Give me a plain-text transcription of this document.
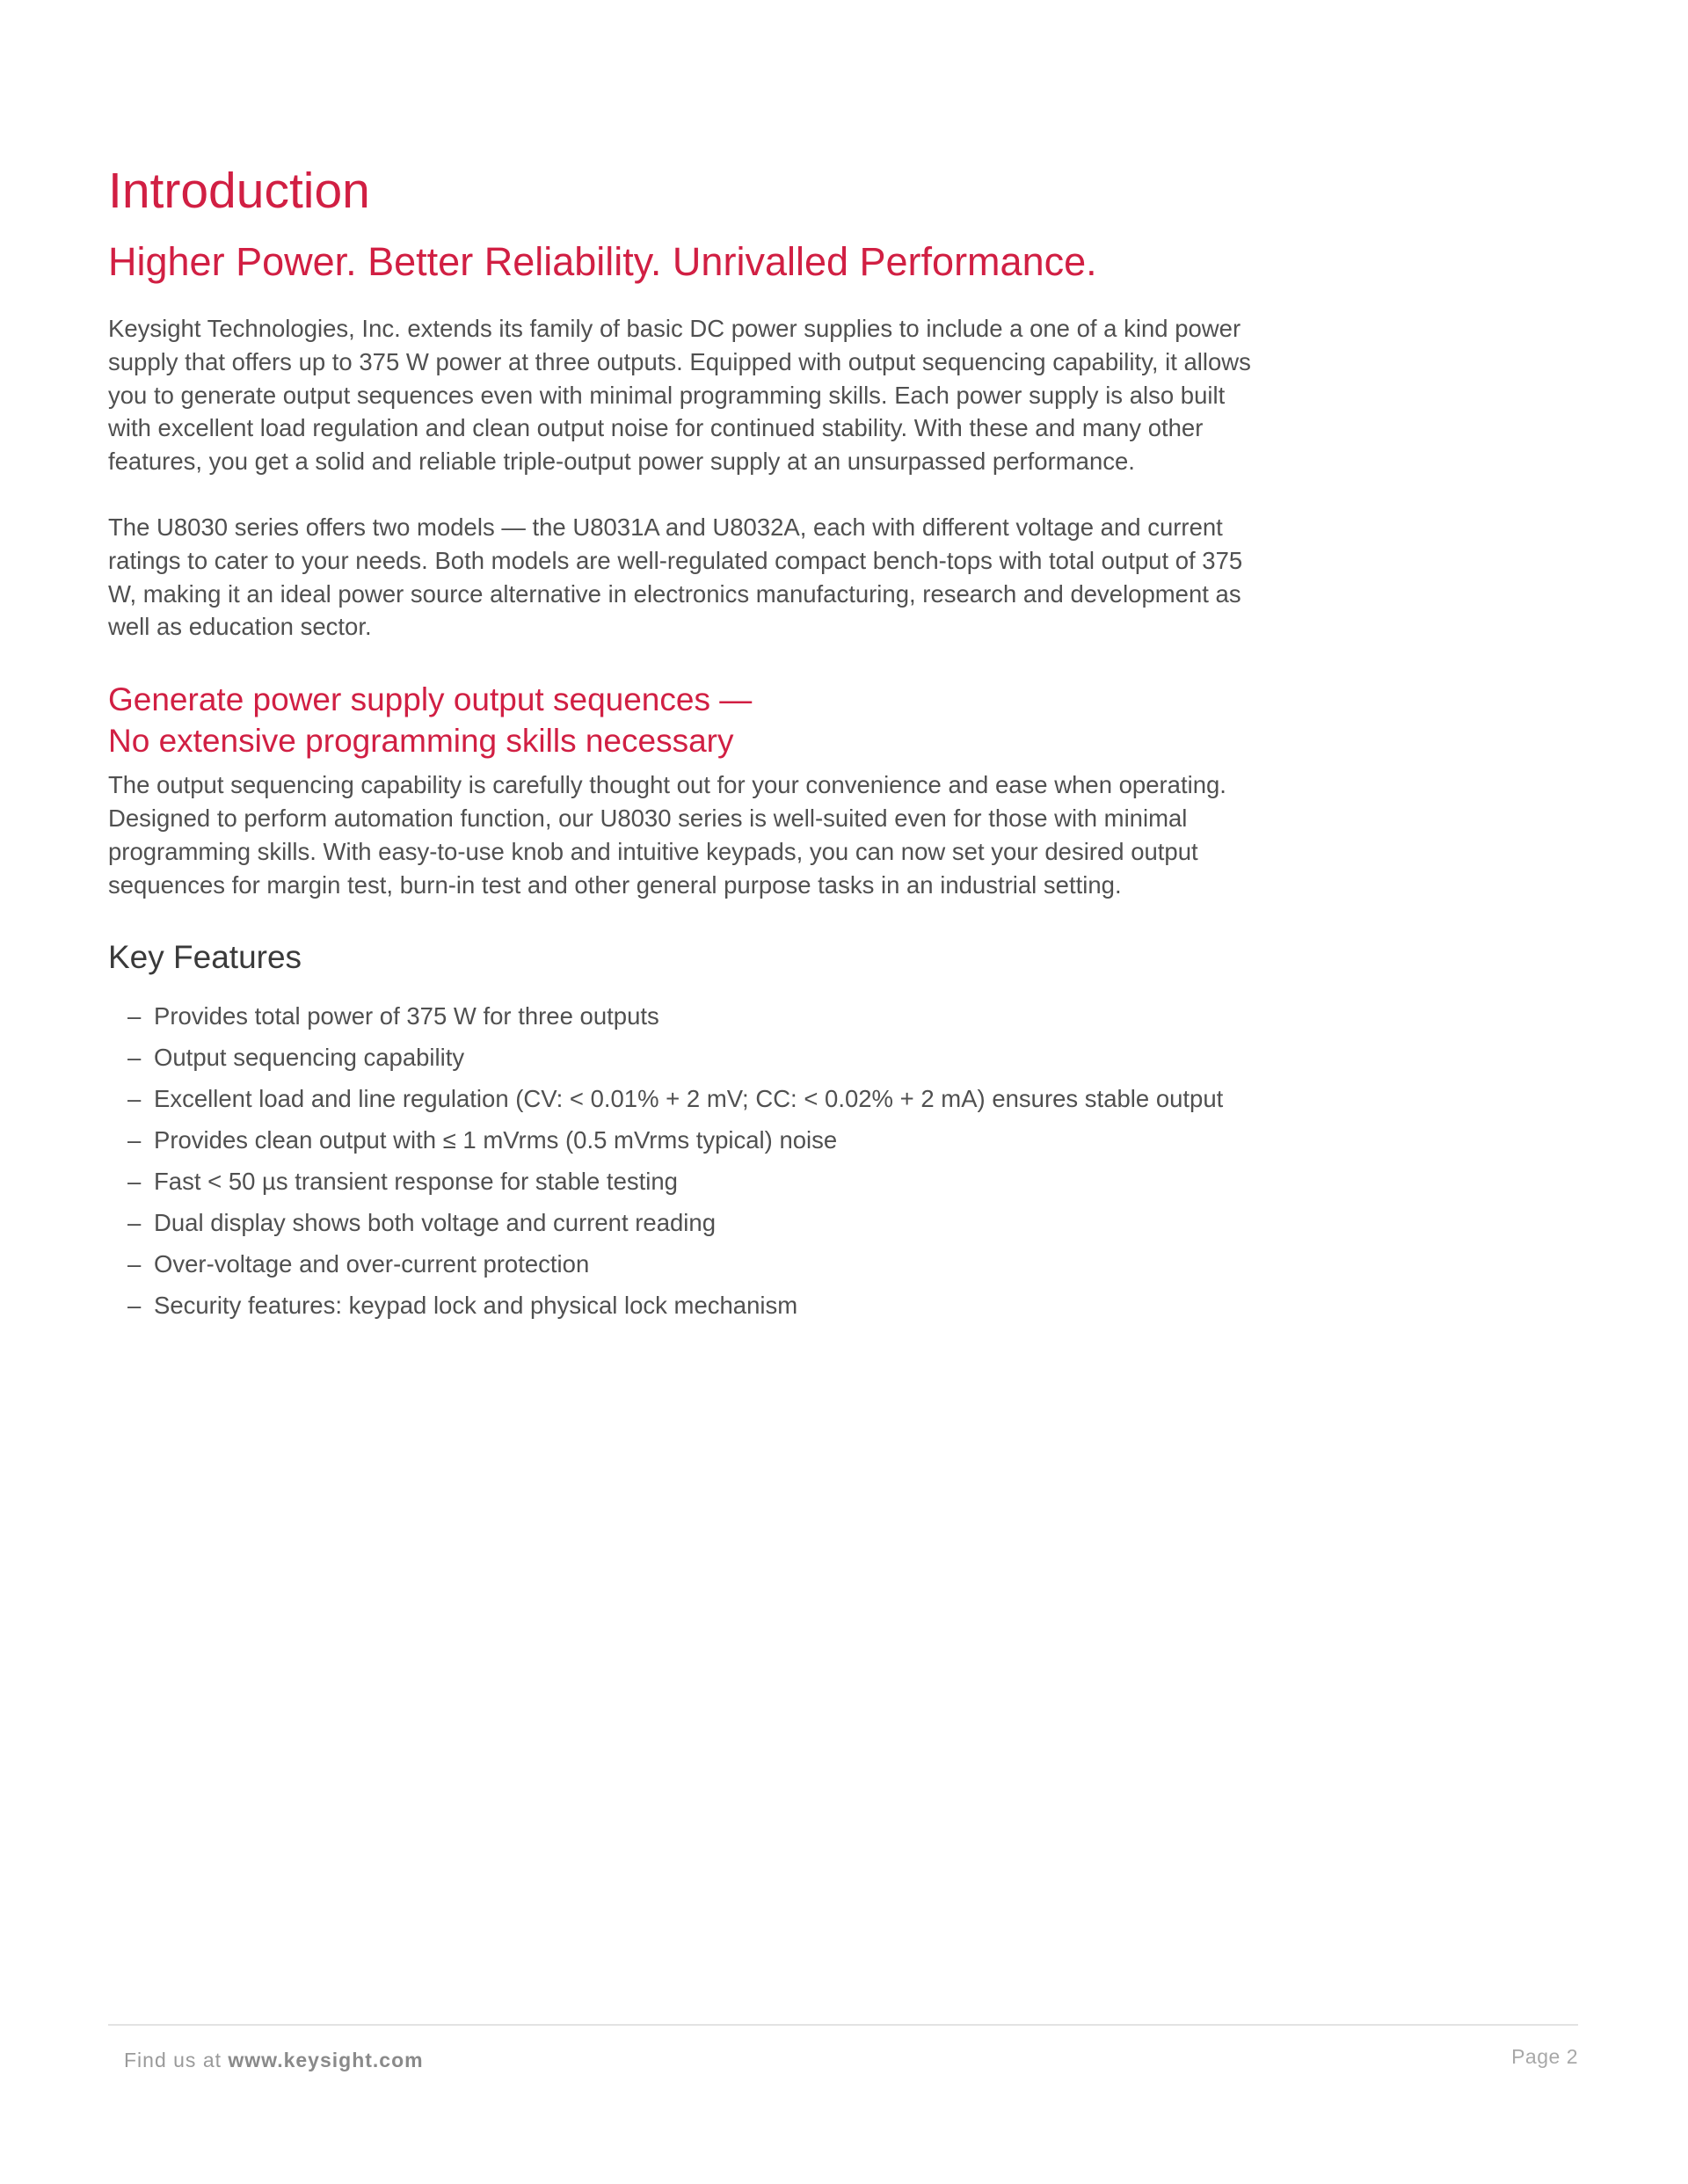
Introduction
Higher Power. Better Reliability. Unrivalled Performance.

Keysight Technologies, Inc. extends its family of basic DC power supplies to include a one of a kind power supply that offers up to 375 W power at three outputs. Equipped with output sequencing capability, it allows you to generate output sequences even with minimal programming skills. Each power supply is also built with excellent load regulation and clean output noise for continued stability. With these and many other features, you get a solid and reliable triple-output power supply at an unsurpassed performance.

The U8030 series offers two models — the U8031A and U8032A, each with different voltage and current ratings to cater to your needs. Both models are well-regulated compact bench-tops with total output of 375 W, making it an ideal power source alternative in electronics manufacturing, research and development as well as education sector.

Generate power supply output sequences —
No extensive programming skills necessary

The output sequencing capability is carefully thought out for your convenience and ease when operating. Designed to perform automation function, our U8030 series is well-suited even for those with minimal programming skills. With easy-to-use knob and intuitive keypads, you can now set your desired output sequences for margin test, burn-in test and other general purpose tasks in an industrial setting.

Key Features
– Provides total power of 375 W for three outputs
– Output sequencing capability
– Excellent load and line regulation (CV: < 0.01% + 2 mV; CC: < 0.02% + 2 mA) ensures stable output
– Provides clean output with ≤ 1 mVrms (0.5 mVrms typical) noise
– Fast < 50 µs transient response for stable testing
– Dual display shows both voltage and current reading
– Over-voltage and over-current protection
– Security features: keypad lock and physical lock mechanism
Find us at www.keysight.com	Page 2
